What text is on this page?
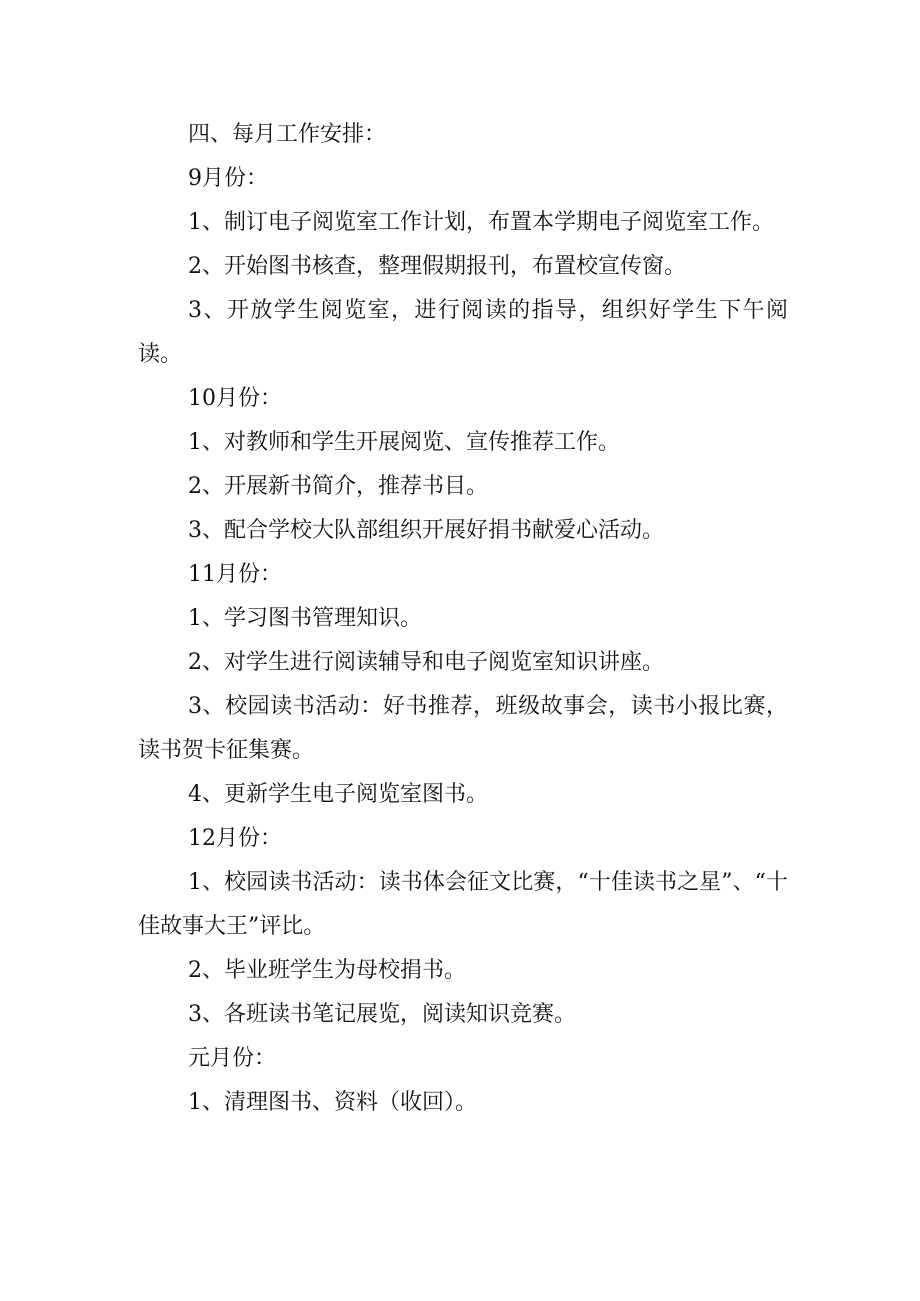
四、每月工作安排：

9月份：

1、制订电子阅览室工作计划，布置本学期电子阅览室工作。

2、开始图书核查，整理假期报刊，布置校宣传窗。

3、开放学生阅览室，进行阅读的指导，组织好学生下午阅读。

10月份：

1、对教师和学生开展阅览、宣传推荐工作。

2、开展新书简介，推荐书目。

3、配合学校大队部组织开展好捐书献爱心活动。

11月份：

1、学习图书管理知识。

2、对学生进行阅读辅导和电子阅览室知识讲座。

3、校园读书活动：好书推荐，班级故事会，读书小报比赛，读书贺卡征集赛。

4、更新学生电子阅览室图书。

12月份：

1、校园读书活动：读书体会征文比赛，“十佳读书之星”、“十佳故事大王”评比。

2、毕业班学生为母校捐书。

3、各班读书笔记展览，阅读知识竞赛。

元月份：

1、清理图书、资料（收回）。
